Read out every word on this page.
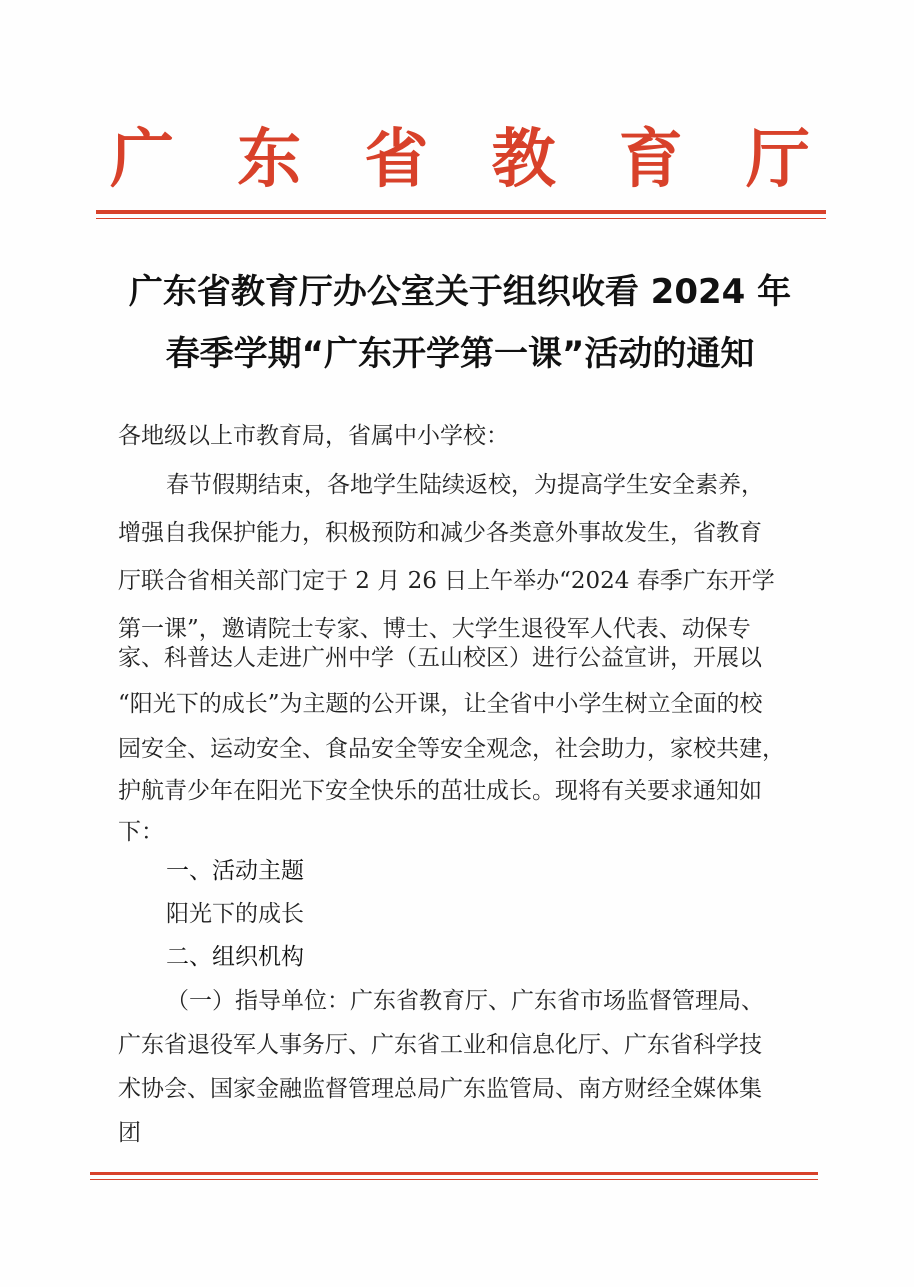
广 东 省 教 育 厅
广东省教育厅办公室关于组织收看 2024 年
春季学期“广东开学第一课”活动的通知
各地级以上市教育局，省属中小学校：
春节假期结束，各地学生陆续返校，为提高学生安全素养，
增强自我保护能力，积极预防和减少各类意外事故发生，省教育
厅联合省相关部门定于 2 月 26 日上午举办“2024 春季广东开学
第一课”，邀请院士专家、博士、大学生退役军人代表、动保专
家、科普达人走进广州中学（五山校区）进行公益宣讲，开展以
“阳光下的成长”为主题的公开课，让全省中小学生树立全面的校
园安全、运动安全、食品安全等安全观念，社会助力，家校共建，
护航青少年在阳光下安全快乐的茁壮成长。现将有关要求通知如
下：
一、活动主题
阳光下的成长
二、组织机构
（一）指导单位：广东省教育厅、广东省市场监督管理局、
广东省退役军人事务厅、广东省工业和信息化厅、广东省科学技
术协会、国家金融监督管理总局广东监管局、南方财经全媒体集
团
